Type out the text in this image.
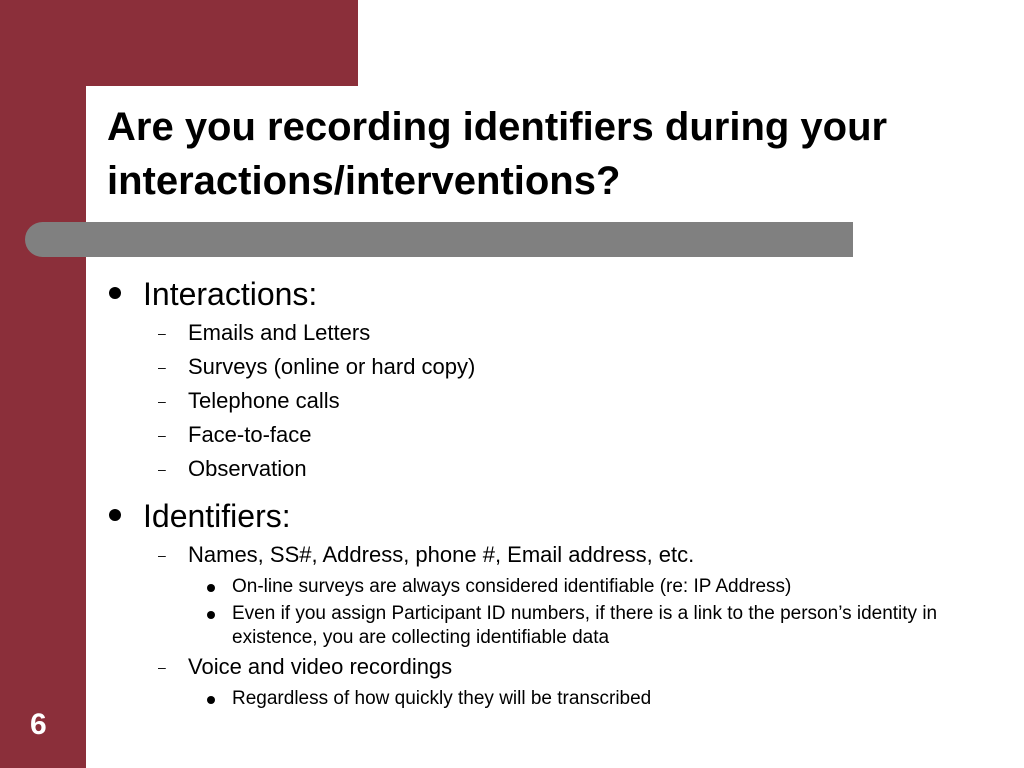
Are you recording identifiers during your interactions/interventions?
Interactions:
– Emails and Letters
– Surveys (online or hard copy)
– Telephone calls
– Face-to-face
– Observation
Identifiers:
– Names, SS#, Address, phone #, Email address, etc.
On-line surveys are always considered identifiable (re: IP Address)
Even if you assign Participant ID numbers, if there is a link to the person’s identity in existence, you are collecting identifiable data
– Voice and video recordings
Regardless of how quickly they will be transcribed
6
